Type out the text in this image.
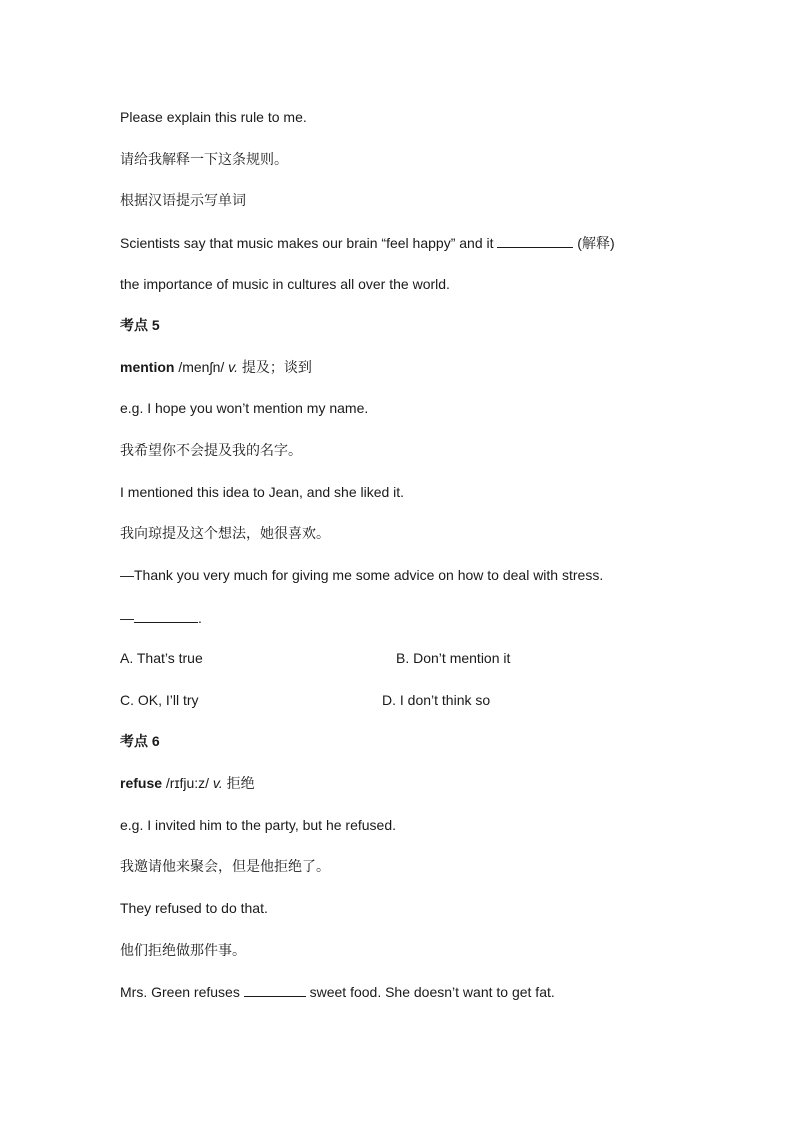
Please explain this rule to me.
请给我解释一下这条规则。
根据汉语提示写单词
Scientists say that music makes our brain “feel happy” and it	(解释)
the importance of music in cultures all over the world.
考点 5
mention /menʃn/ v. 提及；谈到
e.g. I hope you won’t mention my name.
我希望你不会提及我的名字。
I mentioned this idea to Jean, and she liked it.
我向琼提及这个想法，她很喜欢。
—Thank you very much for giving me some advice on how to deal with stress.
—	.
A. That’s true	B. Don’t mention it
C. OK, I’ll try	D. I don’t think so
考点 6
refuse /rɪfju:z/ v. 拒绝
e.g. I invited him to the party, but he refused.
我邀请他来聚会，但是他拒绝了。
They refused to do that.
他们拒绝做那件事。
Mrs. Green refuses	sweet food. She doesn’t want to get fat.
